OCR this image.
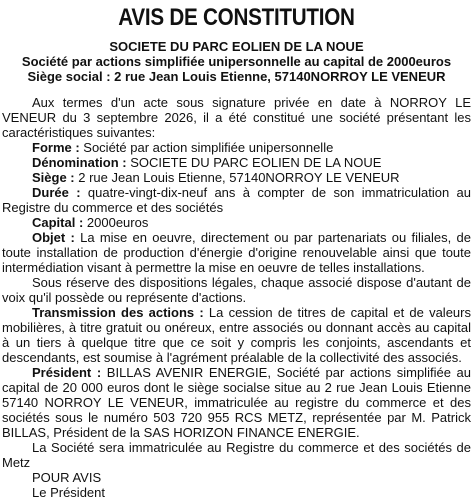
AVIS DE CONSTITUTION
SOCIETE DU PARC EOLIEN DE LA NOUE
Société par actions simplifiée unipersonnelle au capital de 2000euros
Siège social : 2 rue Jean Louis Etienne, 57140NORROY LE VENEUR

Aux termes d'un acte sous signature privée en date à NORROY LE VENEUR du 3 septembre 2026, il a été constitué une société présentant les caractéristiques suivantes:

Forme : Société par action simplifiée unipersonnelle

Dénomination : SOCIETE DU PARC EOLIEN DE LA NOUE

Siège : 2 rue Jean Louis Etienne, 57140NORROY LE VENEUR

Durée : quatre-vingt-dix-neuf ans à compter de son immatriculation au Registre du commerce et des sociétés

Capital : 2000euros

Objet : La mise en oeuvre, directement ou par partenariats ou filiales, de toute installation de production d'énergie d'origine renouvelable ainsi que toute intermédiation visant à permettre la mise en oeuvre de telles installations.

Sous réserve des dispositions légales, chaque associé dispose d'autant de voix qu'il possède ou représente d'actions.

Transmission des actions : La cession de titres de capital et de valeurs mobilières, à titre gratuit ou onéreux, entre associés ou donnant accès au capital à un tiers à quelque titre que ce soit y compris les conjoints, ascendants et descendants, est soumise à l'agrément préalable de la collectivité des associés.

Président : BILLAS AVENIR ENERGIE, Société par actions simplifiée au capital de 20 000 euros dont le siège socialse situe au 2 rue Jean Louis Etienne 57140 NORROY LE VENEUR, immatriculée au registre du commerce et des sociétés sous le numéro 503 720 955 RCS METZ, représentée par M. Patrick BILLAS, Président de la SAS HORIZON FINANCE ENERGIE.

La Société sera immatriculée au Registre du commerce et des sociétés de Metz

POUR AVIS

Le Président
